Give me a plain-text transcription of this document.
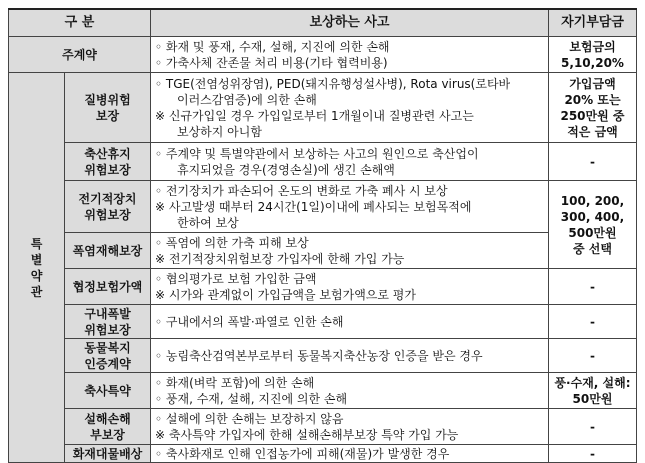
구 분		보상하는 사고	자기부담금
주계약		◦ 화재 및 풍재, 수재, 설해, 지진에 의한 손해
◦ 가축사체 잔존물 처리 비용(기타 협력비용)	보험금의
5,10,20%
특
별
약
관	질병위험
보장	◦ TGE(전염성위장염), PED(돼지유행성설사병), Rota virus(로타바
이러스감염증)에 의한 손해
※ 신규가입일 경우 가입일로부터 1개월이내 질병관련 사고는
보상하지 아니함	가입금액
20% 또는
250만원 중
적은 금액
	축산휴지
위험보장	◦ 주계약 및 특별약관에서 보상하는 사고의 원인으로 축산업이
휴지되었을 경우(경영손실)에 생긴 손해액	-
	전기적장치
위험보장	◦ 전기장치가 파손되어 온도의 변화로 가축 폐사 시 보상
※ 사고발생 때부터 24시간(1일)이내에 폐사되는 보험목적에
한하여 보상	100, 200,
300, 400,
500만원
중 선택
	폭염재해보장	◦ 폭염에 의한 가축 피해 보상
※ 전기적장치위험보장 가입자에 한해 가입 가능	

	협정보험가액	◦ 협의평가로 보험 가입한 금액
※ 시가와 관계없이 가입금액을 보험가액으로 평가	-
	구내폭발
위험보장	◦ 구내에서의 폭발·파열로 인한 손해	-
	동물복지
인증계약	◦ 농림축산검역본부로부터 동물복지축산농장 인증을 받은 경우	-
	축사특약	◦ 화재(벼락 포함)에 의한 손해
◦ 풍재, 수재, 설해, 지진에 의한 손해	풍·수재, 설해:
50만원
	설해손해
부보장	◦ 설해에 의한 손해는 보장하지 않음
※ 축사특약 가입자에 한해 설해손해부보장 특약 가입 가능	-
	화재대물배상	◦ 축사화재로 인해 인접농가에 피해(재물)가 발생한 경우	-
